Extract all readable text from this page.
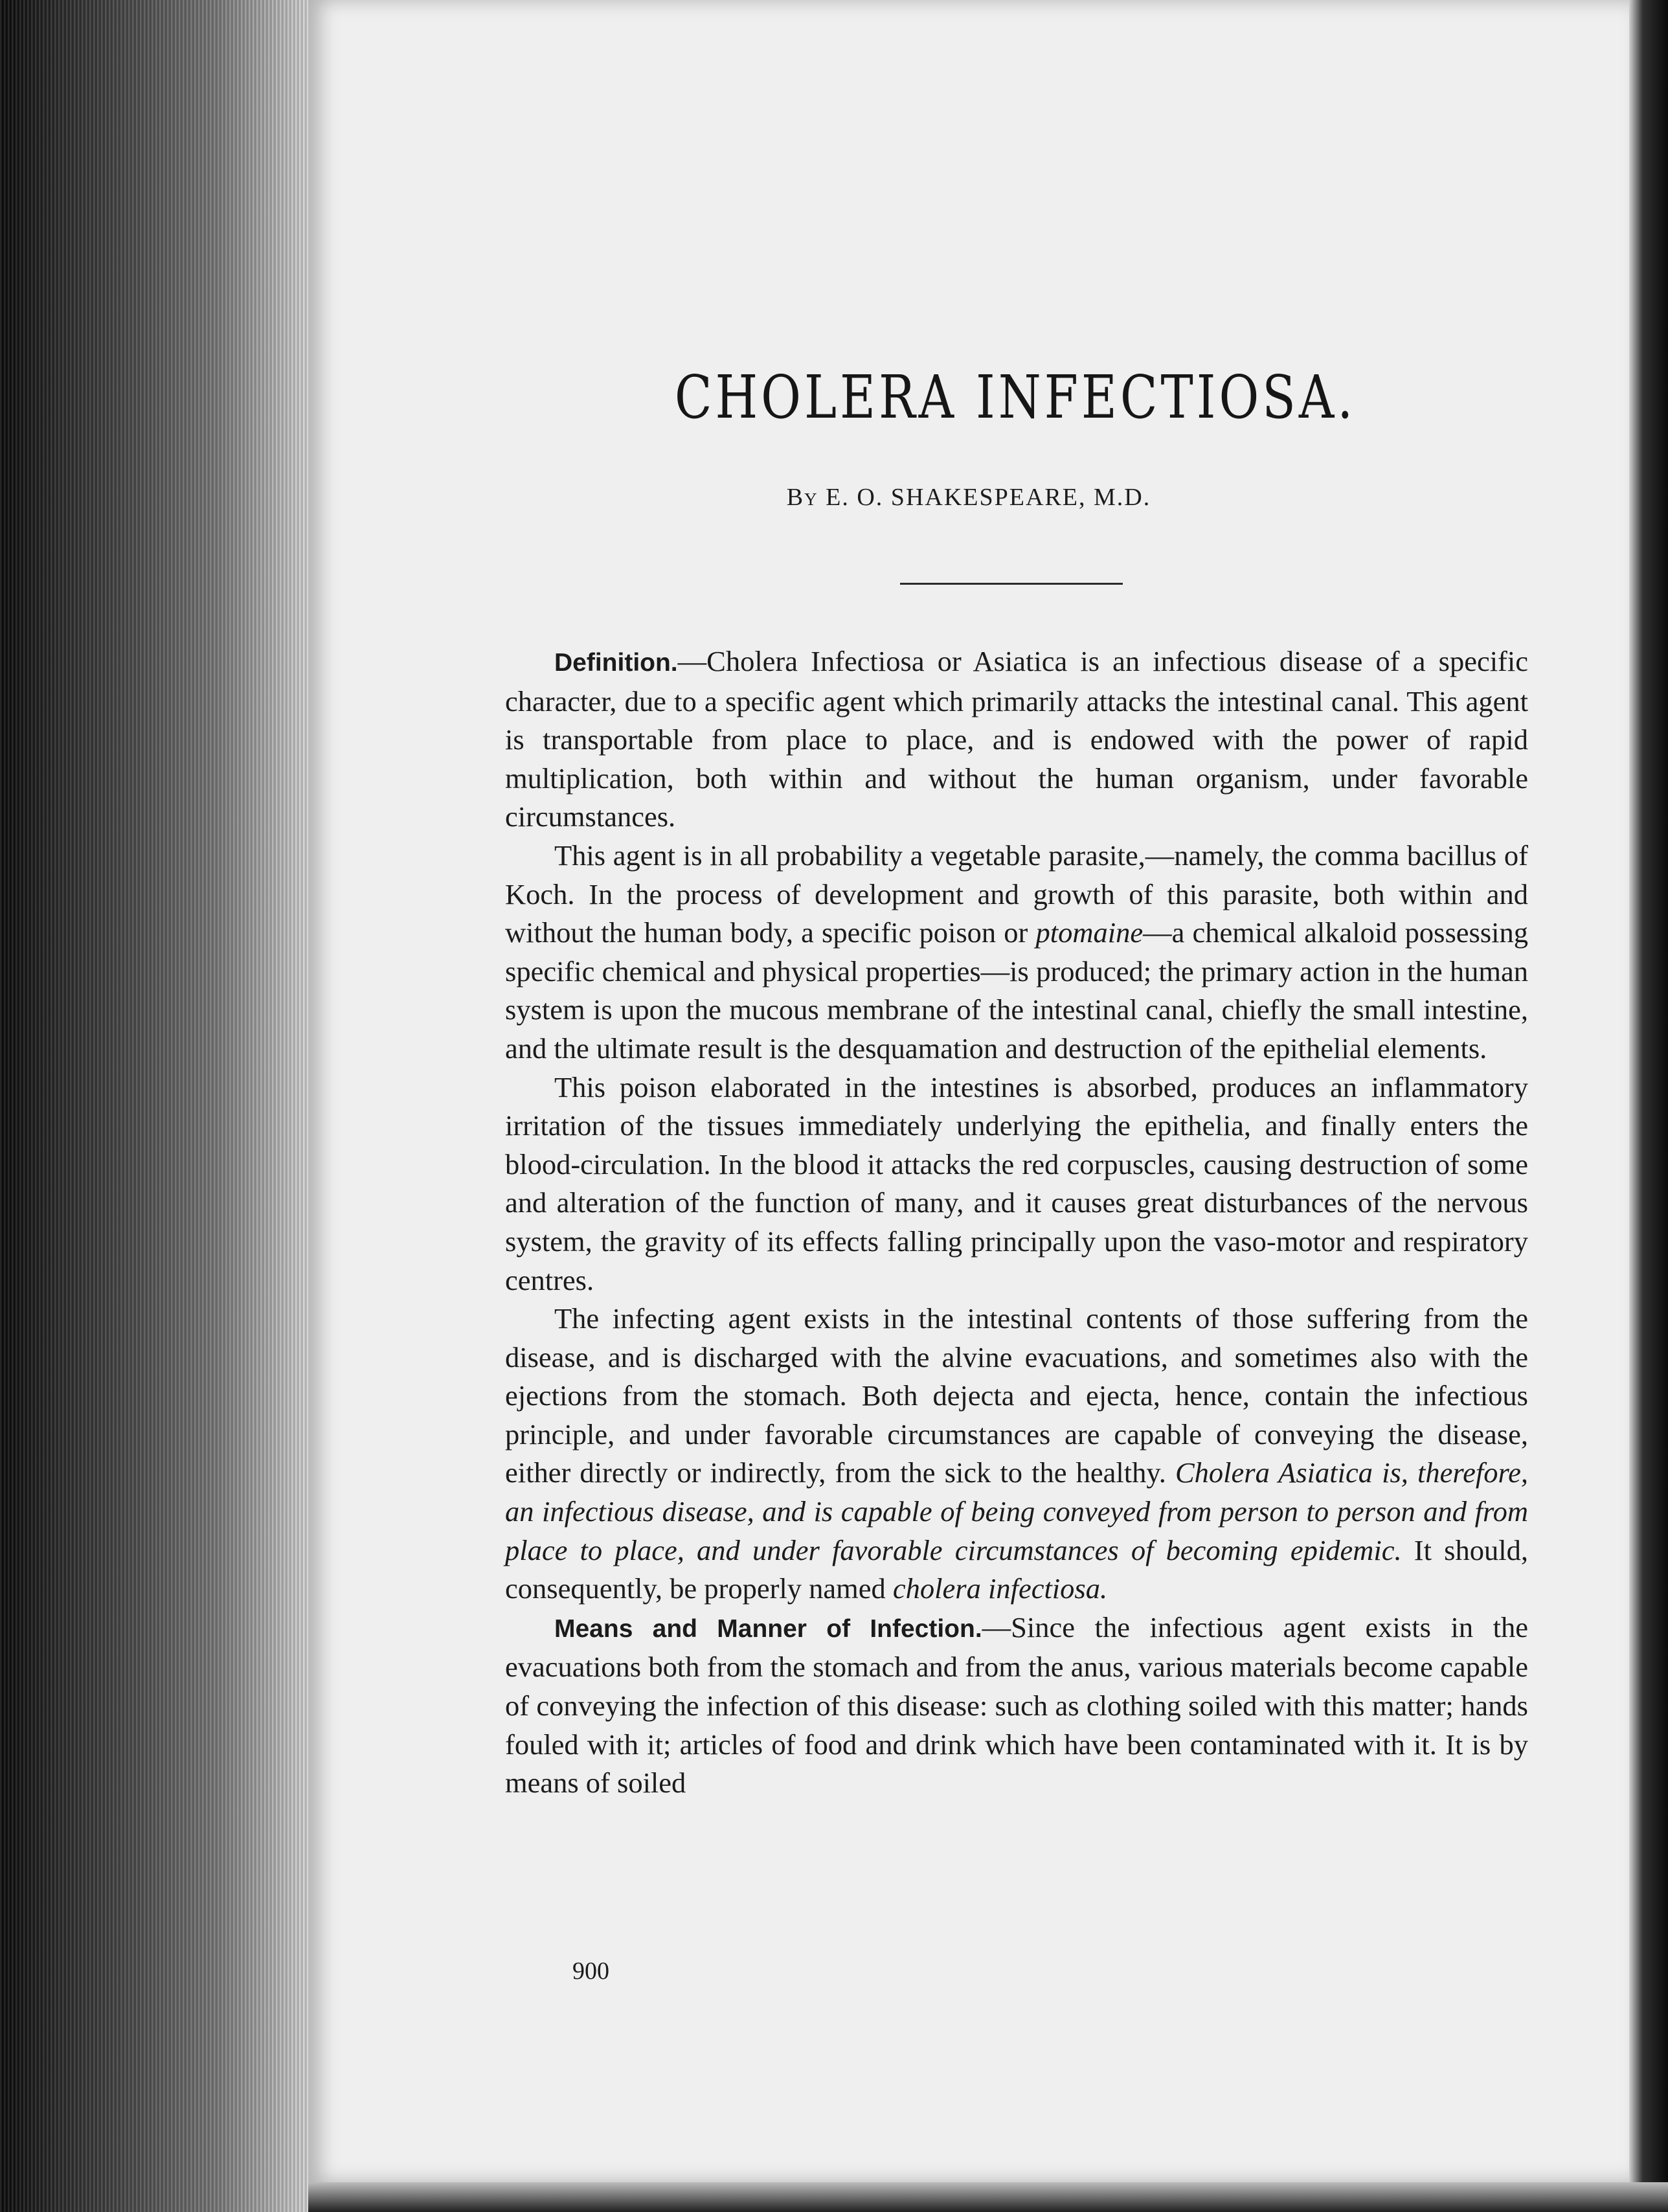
CHOLERA INFECTIOSA.
By E. O. SHAKESPEARE, M.D.

Definition.—Cholera Infectiosa or Asiatica is an infectious disease of a specific character, due to a specific agent which primarily attacks the intestinal canal. This agent is transportable from place to place, and is endowed with the power of rapid multiplication, both within and without the human organism, under favorable circumstances.

This agent is in all probability a vegetable parasite,—namely, the comma bacillus of Koch. In the process of development and growth of this parasite, both within and without the human body, a specific poison or ptomaine—a chemical alkaloid possessing specific chemical and physical properties—is produced; the primary action in the human system is upon the mucous membrane of the intestinal canal, chiefly the small intestine, and the ultimate result is the desquamation and destruction of the epithelial elements.

This poison elaborated in the intestines is absorbed, produces an inflammatory irritation of the tissues immediately underlying the epithelia, and finally enters the blood-circulation. In the blood it attacks the red corpuscles, causing destruction of some and alteration of the function of many, and it causes great disturbances of the nervous system, the gravity of its effects falling principally upon the vaso-motor and respiratory centres.

The infecting agent exists in the intestinal contents of those suffering from the disease, and is discharged with the alvine evacuations, and sometimes also with the ejections from the stomach. Both dejecta and ejecta, hence, contain the infectious principle, and under favorable circumstances are capable of conveying the disease, either directly or indirectly, from the sick to the healthy. Cholera Asiatica is, therefore, an infectious disease, and is capable of being conveyed from person to person and from place to place, and under favorable circumstances of becoming epidemic. It should, consequently, be properly named cholera infectiosa.

Means and Manner of Infection.—Since the infectious agent exists in the evacuations both from the stomach and from the anus, various materials become capable of conveying the infection of this disease: such as clothing soiled with this matter; hands fouled with it; articles of food and drink which have been contaminated with it. It is by means of soiled

900
